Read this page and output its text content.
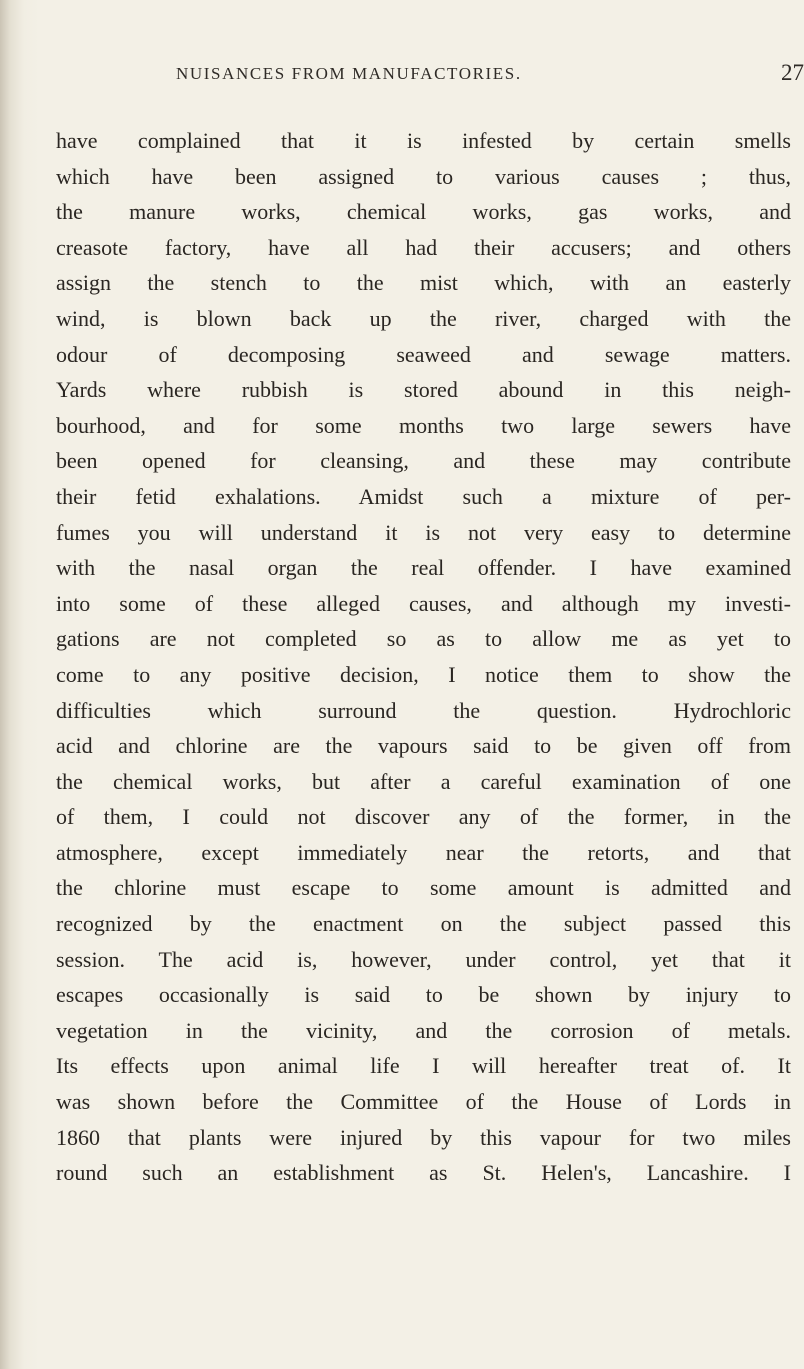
NUISANCES FROM MANUFACTORIES.	27
have complained that it is infested by certain smells
which have been assigned to various causes ; thus,
the manure works, chemical works, gas works, and
creasote factory, have all had their accusers; and others
assign the stench to the mist which, with an easterly
wind, is blown back up the river, charged with the
odour of decomposing seaweed and sewage matters.
Yards where rubbish is stored abound in this neigh-
bourhood, and for some months two large sewers have
been opened for cleansing, and these may contribute
their fetid exhalations. Amidst such a mixture of per-
fumes you will understand it is not very easy to determine
with the nasal organ the real offender. I have examined
into some of these alleged causes, and although my investi-
gations are not completed so as to allow me as yet to
come to any positive decision, I notice them to show the
difficulties which surround the question. Hydrochloric
acid and chlorine are the vapours said to be given off from
the chemical works, but after a careful examination of one
of them, I could not discover any of the former, in the
atmosphere, except immediately near the retorts, and that
the chlorine must escape to some amount is admitted and
recognized by the enactment on the subject passed this
session. The acid is, however, under control, yet that it
escapes occasionally is said to be shown by injury to
vegetation in the vicinity, and the corrosion of metals.
Its effects upon animal life I will hereafter treat of. It
was shown before the Committee of the House of Lords in
1860 that plants were injured by this vapour for two miles
round such an establishment as St. Helen's, Lancashire. I
